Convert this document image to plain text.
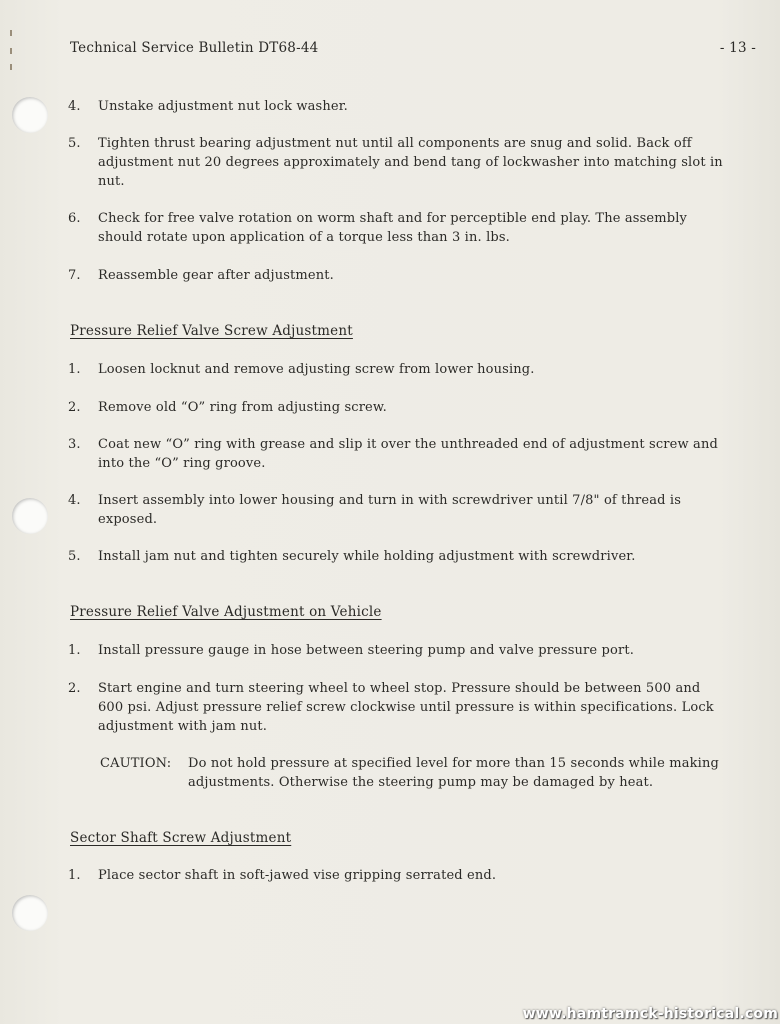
Technical Service Bulletin DT68-44	- 13 -
4.	Unstake adjustment nut lock washer.
5.	Tighten thrust bearing adjustment nut until all components are snug and solid. Back off adjustment nut 20 degrees approximately and bend tang of lockwasher into matching slot in nut.
6.	Check for free valve rotation on worm shaft and for perceptible end play. The assembly should rotate upon application of a torque less than 3 in. lbs.
7.	Reassemble gear after adjustment.
Pressure Relief Valve Screw Adjustment
1.	Loosen locknut and remove adjusting screw from lower housing.
2.	Remove old “O” ring from adjusting screw.
3.	Coat new “O” ring with grease and slip it over the unthreaded end of adjustment screw and into the “O” ring groove.
4.	Insert assembly into lower housing and turn in with screwdriver until 7/8" of thread is exposed.
5.	Install jam nut and tighten securely while holding adjustment with screwdriver.
Pressure Relief Valve Adjustment on Vehicle
1.	Install pressure gauge in hose between steering pump and valve pressure port.
2.	Start engine and turn steering wheel to wheel stop. Pressure should be between 500 and 600 psi. Adjust pressure relief screw clockwise until pressure is within specifications. Lock adjustment with jam nut.
CAUTION: Do not hold pressure at specified level for more than 15 seconds while making adjustments. Otherwise the steering pump may be damaged by heat.
Sector Shaft Screw Adjustment
1.	Place sector shaft in soft-jawed vise gripping serrated end.
www.hamtramck-historical.com
